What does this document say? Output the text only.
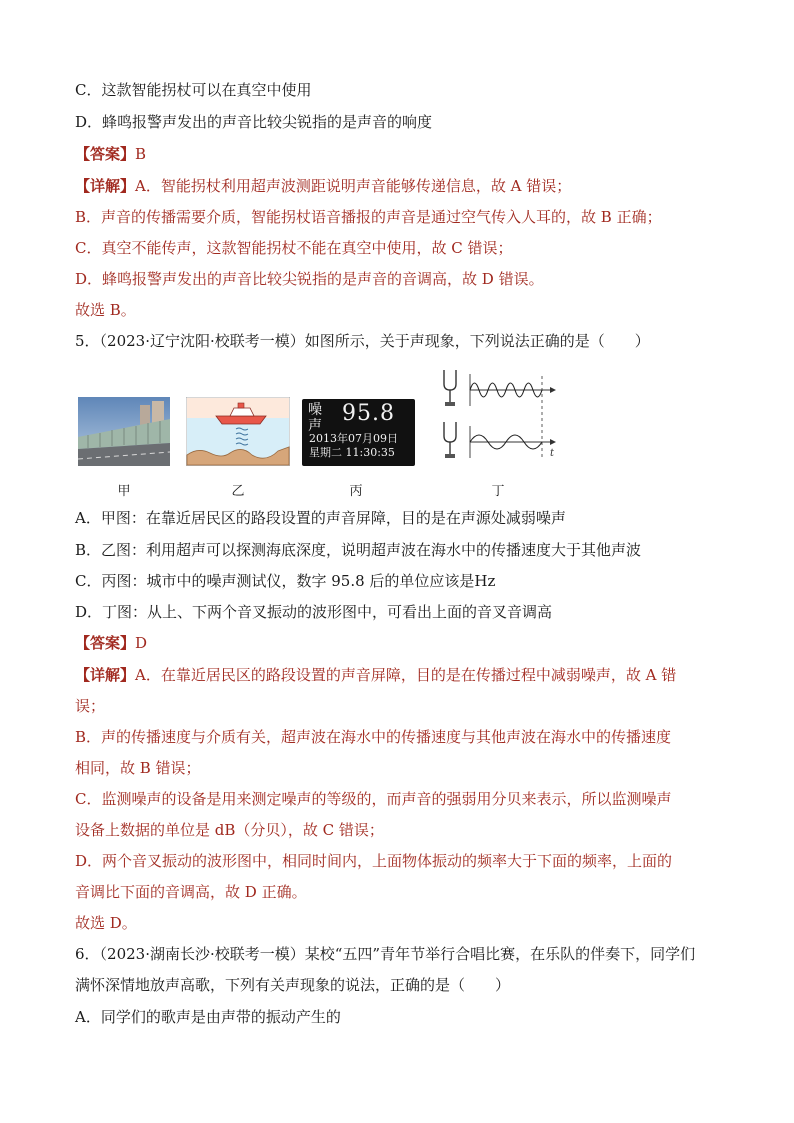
C．这款智能拐杖可以在真空中使用
D．蜂鸣报警声发出的声音比较尖锐指的是声音的响度
【答案】B
【详解】A．智能拐杖利用超声波测距说明声音能够传递信息，故 A 错误；
B．声音的传播需要介质，智能拐杖语音播报的声音是通过空气传入人耳的，故 B 正确；
C．真空不能传声，这款智能拐杖不能在真空中使用，故 C 错误；
D．蜂鸣报警声发出的声音比较尖锐指的是声音的音调高，故 D 错误。
故选 B。
5．（2023·辽宁沈阳·校联考一模）如图所示，关于声现象，下列说法正确的是（　　）
甲	乙
噪声 95.8
2013年07月09日
星期二 11:30:35
丙
t
丁
A．甲图：在靠近居民区的路段设置的声音屏障，目的是在声源处减弱噪声
B．乙图：利用超声可以探测海底深度，说明超声波在海水中的传播速度大于其他声波
C．丙图：城市中的噪声测试仪，数字 95.8 后的单位应该是Hz
D．丁图：从上、下两个音叉振动的波形图中，可看出上面的音叉音调高
【答案】D
【详解】A．在靠近居民区的路段设置的声音屏障，目的是在传播过程中减弱噪声，故 A 错
误；
B．声的传播速度与介质有关，超声波在海水中的传播速度与其他声波在海水中的传播速度
相同，故 B 错误；
C．监测噪声的设备是用来测定噪声的等级的，而声音的强弱用分贝来表示，所以监测噪声
设备上数据的单位是 dB（分贝），故 C 错误；
D．两个音叉振动的波形图中，相同时间内，上面物体振动的频率大于下面的频率，上面的
音调比下面的音调高，故 D 正确。
故选 D。
6．（2023·湖南长沙·校联考一模）某校“五四”青年节举行合唱比赛，在乐队的伴奏下，同学们
满怀深情地放声高歌，下列有关声现象的说法，正确的是（　　）
A．同学们的歌声是由声带的振动产生的
